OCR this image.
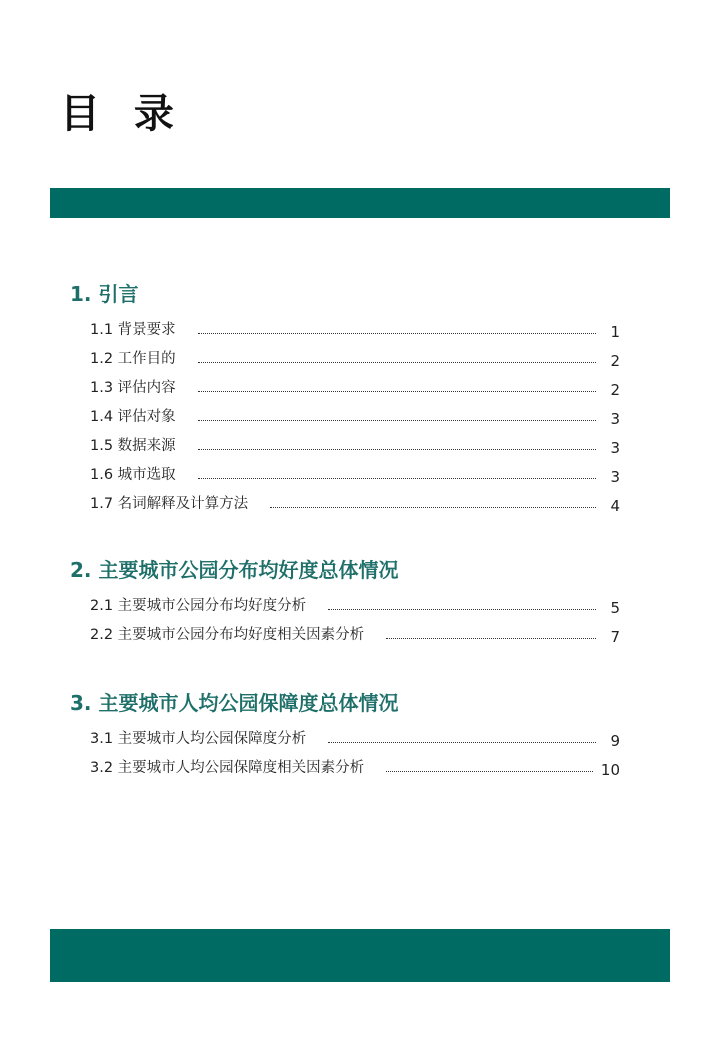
目 录
1. 引言
1.1 背景要求	1
1.2 工作目的	2
1.3 评估内容	2
1.4 评估对象	3
1.5 数据来源	3
1.6 城市选取	3
1.7 名词解释及计算方法	4
2. 主要城市公园分布均好度总体情况
2.1 主要城市公园分布均好度分析	5
2.2 主要城市公园分布均好度相关因素分析	7
3. 主要城市人均公园保障度总体情况
3.1 主要城市人均公园保障度分析	9
3.2 主要城市人均公园保障度相关因素分析	10
